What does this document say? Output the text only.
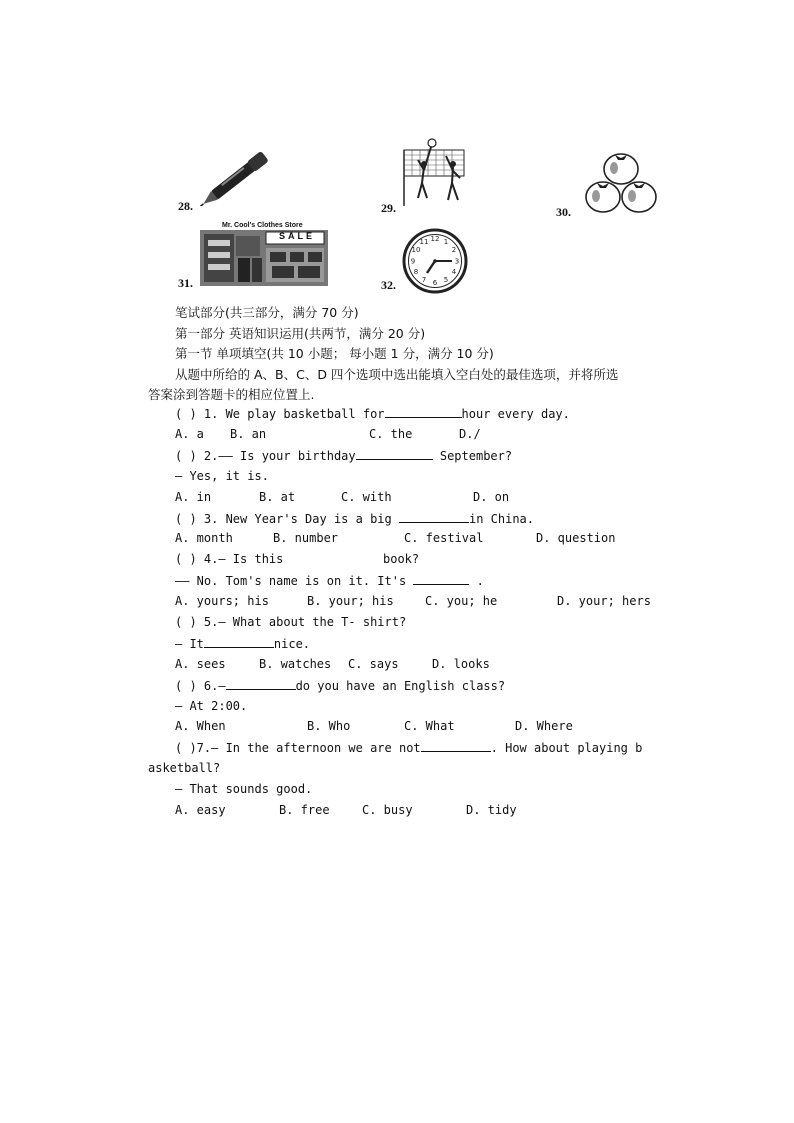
28.	29.	30.
31.
Mr. Cool's Clothes Store
SALE
32.
12 1
2
3
4
5
6
7
8
9
10
11
笔试部分(共三部分，满分 70 分)
第一部分 英语知识运用(共两节，满分 20 分)
第一节 单项填空(共 10 小题； 每小题 1 分，满分 10 分)
从题中所给的 A、B、C、D 四个选项中选出能填入空白处的最佳选项，并将所选
答案涂到答题卡的相应位置上.
( ) 1. We play basketball for	hour every day.
A. a B. an	C. the	D./
( ) 2.—— Is your birthday	September?
— Yes, it is.
A. in	B. at	C. with	D. on
( ) 3. New Year's Day is a big	in China.
A. month	B. number	C. festival	D. question
( ) 4.— Is this	book?
—— No. Tom's name is on it. It's	.
A. yours; his	B. your; his	C. you; he	D. your; hers
( ) 5.— What about the T- shirt?
— It	nice.
A. sees	B. watches C. says	D. looks
( ) 6.—	do you have an English class?
— At 2:00.
A. When	B. Who	C. What	D. Where
( )7.— In the afternoon we are not	. How about playing b
asketball?
— That sounds good.
A. easy	B. free	C. busy	D. tidy
